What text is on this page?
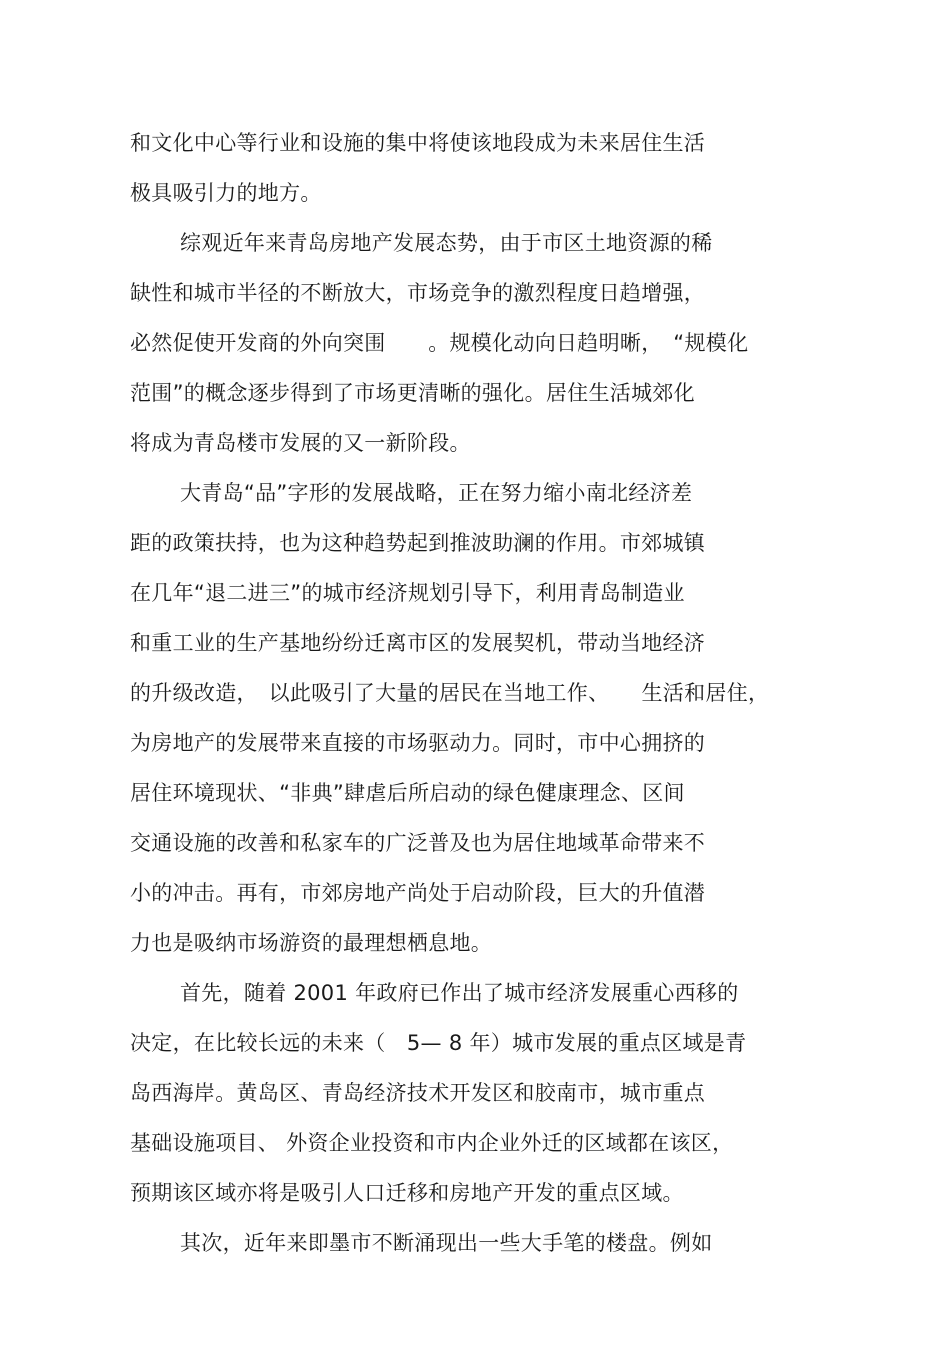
和文化中心等行业和设施的集中将使该地段成为未来居住生活
极具吸引力的地方。
综观近年来青岛房地产发展态势，由于市区土地资源的稀
缺性和城市半径的不断放大，市场竞争的激烈程度日趋增强，
必然促使开发商的外向突围　　。规模化动向日趋明晰，　“规模化
范围”的概念逐步得到了市场更清晰的强化。居住生活城郊化
将成为青岛楼市发展的又一新阶段。
大青岛“品”字形的发展战略，正在努力缩小南北经济差
距的政策扶持，也为这种趋势起到推波助澜的作用。市郊城镇
在几年“退二进三”的城市经济规划引导下，利用青岛制造业
和重工业的生产基地纷纷迁离市区的发展契机，带动当地经济
的升级改造，　以此吸引了大量的居民在当地工作、　　生活和居住，
为房地产的发展带来直接的市场驱动力。同时，市中心拥挤的
居住环境现状、“非典”肆虐后所启动的绿色健康理念、区间
交通设施的改善和私家车的广泛普及也为居住地域革命带来不
小的冲击。再有，市郊房地产尚处于启动阶段，巨大的升值潜
力也是吸纳市场游资的最理想栖息地。
首先，随着 2001 年政府已作出了城市经济发展重心西移的
决定，在比较长远的未来（　5— 8 年）城市发展的重点区域是青
岛西海岸。黄岛区、青岛经济技术开发区和胶南市，城市重点
基础设施项目、 外资企业投资和市内企业外迁的区域都在该区，
预期该区域亦将是吸引人口迁移和房地产开发的重点区域。
其次，近年来即墨市不断涌现出一些大手笔的楼盘。例如
